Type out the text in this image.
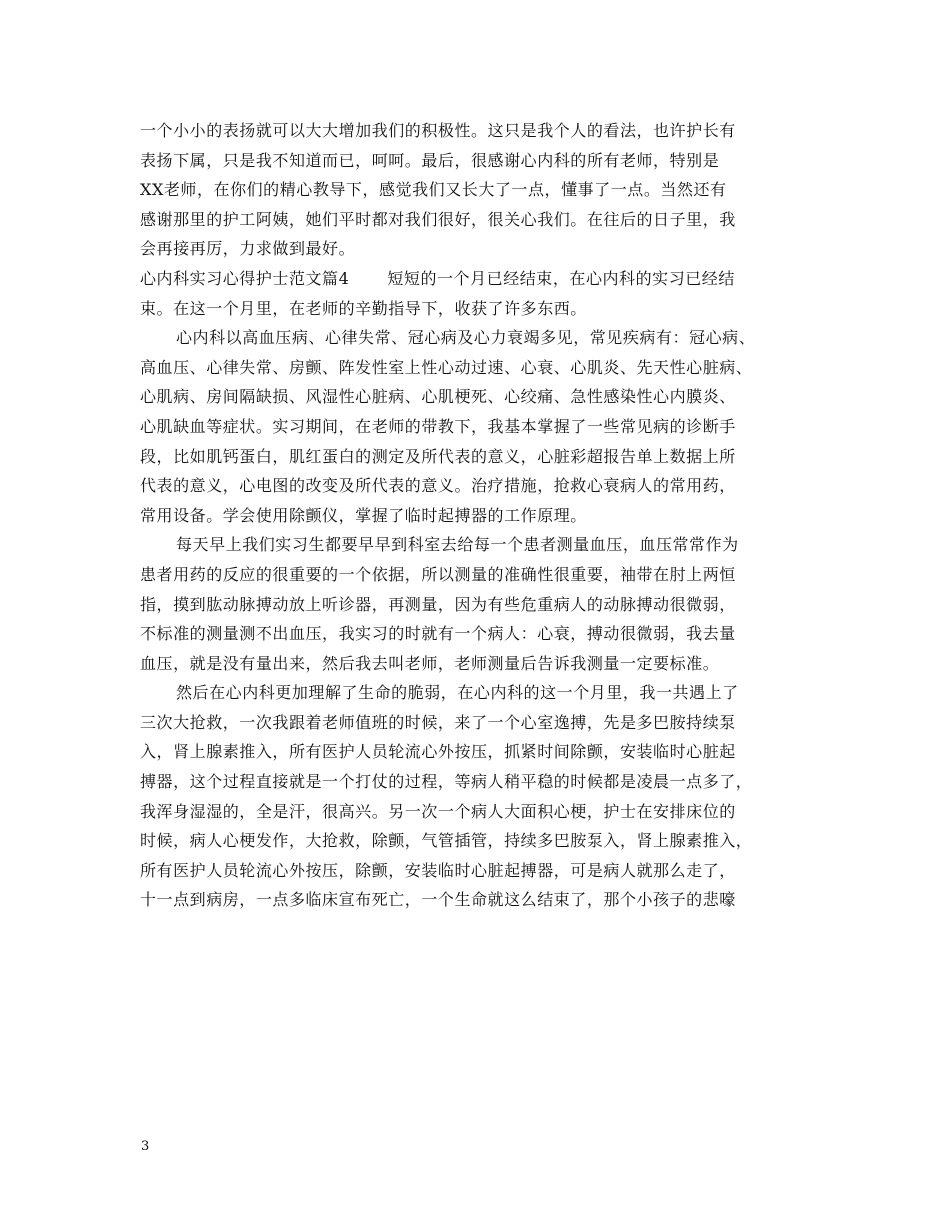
一个小小的表扬就可以大大增加我们的积极性。这只是我个人的看法，也许护长有
表扬下属，只是我不知道而已，呵呵。最后，很感谢心内科的所有老师，特别是
XX老师，在你们的精心教导下，感觉我们又长大了一点，懂事了一点。当然还有
感谢那里的护工阿姨，她们平时都对我们很好，很关心我们。在往后的日子里，我
会再接再厉，力求做到最好。
心内科实习心得护士范文篇4 短短的一个月已经结束，在心内科的实习已经结
束。在这一个月里，在老师的辛勤指导下，收获了许多东西。
心内科以高血压病、心律失常、冠心病及心力衰竭多见，常见疾病有：冠心病、
高血压、心律失常、房颤、阵发性室上性心动过速、心衰、心肌炎、先天性心脏病、
心肌病、房间隔缺损、风湿性心脏病、心肌梗死、心绞痛、急性感染性心内膜炎、
心肌缺血等症状。实习期间，在老师的带教下，我基本掌握了一些常见病的诊断手
段，比如肌钙蛋白，肌红蛋白的测定及所代表的意义，心脏彩超报告单上数据上所
代表的意义，心电图的改变及所代表的意义。治疗措施，抢救心衰病人的常用药，
常用设备。学会使用除颤仪，掌握了临时起搏器的工作原理。
每天早上我们实习生都要早早到科室去给每一个患者测量血压，血压常常作为
患者用药的反应的很重要的一个依据，所以测量的准确性很重要，袖带在肘上两恒
指，摸到肱动脉搏动放上听诊器，再测量，因为有些危重病人的动脉搏动很微弱，
不标准的测量测不出血压，我实习的时就有一个病人：心衰，搏动很微弱，我去量
血压，就是没有量出来，然后我去叫老师，老师测量后告诉我测量一定要标准。
然后在心内科更加理解了生命的脆弱，在心内科的这一个月里，我一共遇上了
三次大抢救，一次我跟着老师值班的时候，来了一个心室逸搏，先是多巴胺持续泵
入，肾上腺素推入，所有医护人员轮流心外按压，抓紧时间除颤，安装临时心脏起
搏器，这个过程直接就是一个打仗的过程，等病人稍平稳的时候都是凌晨一点多了，
我浑身湿湿的，全是汗，很高兴。另一次一个病人大面积心梗，护士在安排床位的
时候，病人心梗发作，大抢救，除颤，气管插管，持续多巴胺泵入，肾上腺素推入，
所有医护人员轮流心外按压，除颤，安装临时心脏起搏器，可是病人就那么走了，
十一点到病房，一点多临床宣布死亡，一个生命就这么结束了，那个小孩子的悲嚎
3
